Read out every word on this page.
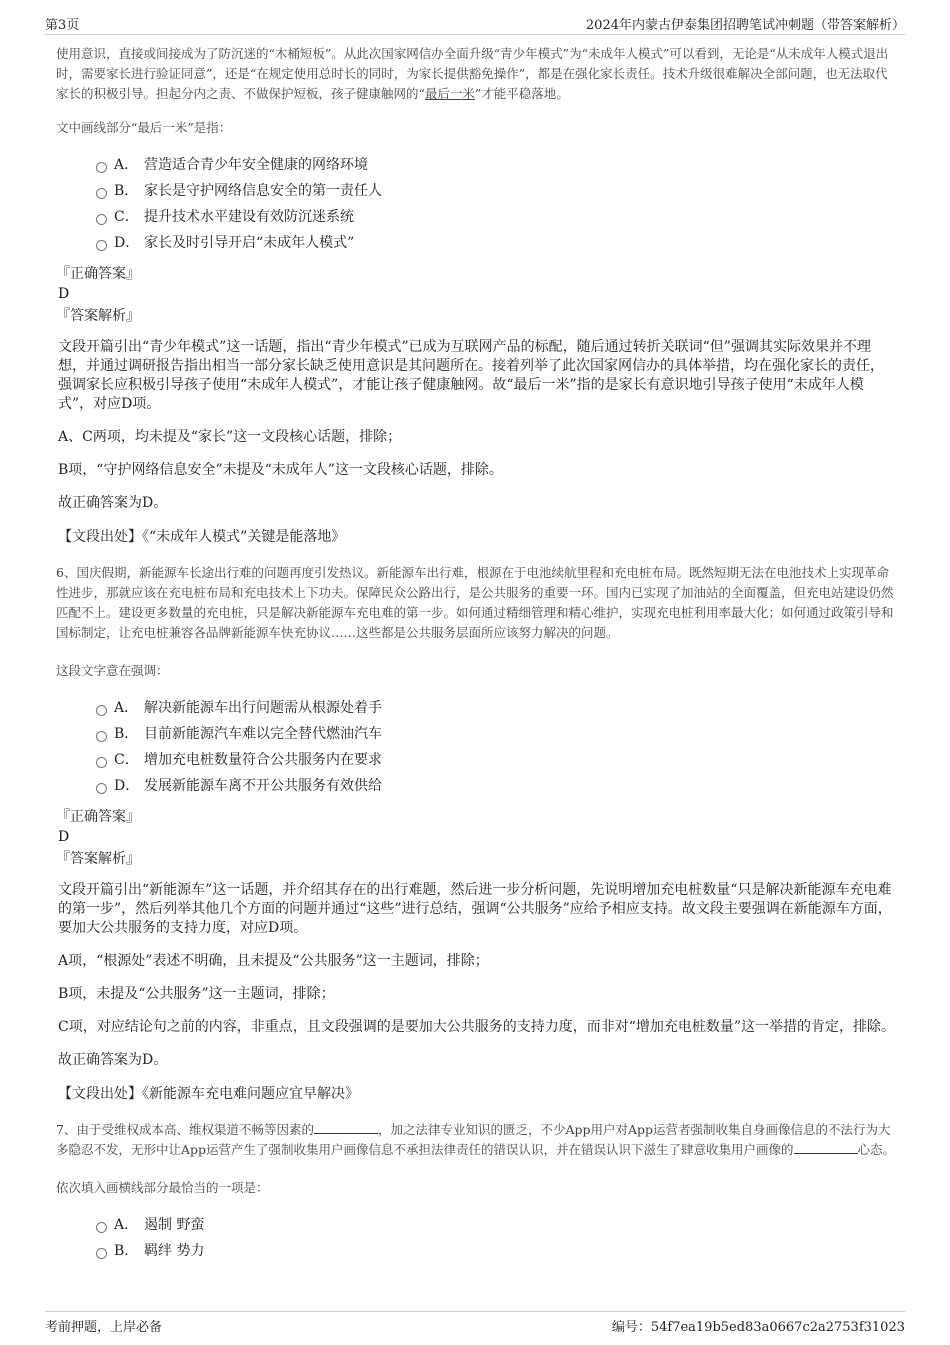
第3页	2024年内蒙古伊泰集团招聘笔试冲刺题（带答案解析）

使用意识，直接或间接成为了防沉迷的“木桶短板”。从此次国家网信办全面升级“青少年模式”为“未成年人模式”可以看到，无论是“从未成年人模式退出时，需要家长进行验证同意”，还是“在规定使用总时长的同时，为家长提供豁免操作”，都是在强化家长责任。技术升级很难解决全部问题，也无法取代家长的积极引导。担起分内之责、不做保护短板，孩子健康触网的“最后一米”才能平稳落地。

文中画线部分“最后一米”是指：

A． 营造适合青少年安全健康的网络环境
B． 家长是守护网络信息安全的第一责任人
C． 提升技术水平建设有效防沉迷系统
D． 家长及时引导开启“未成年人模式”

『正确答案』

D

『答案解析』

文段开篇引出“青少年模式”这一话题，指出“青少年模式”已成为互联网产品的标配，随后通过转折关联词“但”强调其实际效果并不理想，并通过调研报告指出相当一部分家长缺乏使用意识是其问题所在。接着列举了此次国家网信办的具体举措，均在强化家长的责任，强调家长应积极引导孩子使用“未成年人模式”，才能让孩子健康触网。故“最后一米”指的是家长有意识地引导孩子使用“未成年人模式”，对应D项。

A、C两项，均未提及“家长”这一文段核心话题，排除；

B项，“守护网络信息安全”未提及“未成年人”这一文段核心话题，排除。

故正确答案为D。

【文段出处】《“未成年人模式”关键是能落地》

6、国庆假期，新能源车长途出行难的问题再度引发热议。新能源车出行难，根源在于电池续航里程和充电桩布局。既然短期无法在电池技术上实现革命性进步，那就应该在充电桩布局和充电技术上下功夫。保障民众公路出行，是公共服务的重要一环。国内已实现了加油站的全面覆盖，但充电站建设仍然匹配不上。建设更多数量的充电桩，只是解决新能源车充电难的第一步。如何通过精细管理和精心维护，实现充电桩利用率最大化；如何通过政策引导和国标制定，让充电桩兼容各品牌新能源车快充协议……这些都是公共服务层面所应该努力解决的问题。

这段文字意在强调：

A． 解决新能源车出行问题需从根源处着手
B． 目前新能源汽车难以完全替代燃油汽车
C． 增加充电桩数量符合公共服务内在要求
D． 发展新能源车离不开公共服务有效供给

『正确答案』

D

『答案解析』

文段开篇引出“新能源车”这一话题，并介绍其存在的出行难题，然后进一步分析问题，先说明增加充电桩数量“只是解决新能源车充电难的第一步”，然后列举其他几个方面的问题并通过“这些”进行总结，强调“公共服务”应给予相应支持。故文段主要强调在新能源车方面，要加大公共服务的支持力度，对应D项。

A项，“根源处”表述不明确，且未提及“公共服务”这一主题词，排除；

B项，未提及“公共服务”这一主题词，排除；

C项，对应结论句之前的内容，非重点，且文段强调的是要加大公共服务的支持力度，而非对“增加充电桩数量”这一举措的肯定，排除。

故正确答案为D。

【文段出处】《新能源车充电难问题应宜早解决》

7、由于受维权成本高、维权渠道不畅等因素的	，加之法律专业知识的匮乏，不少App用户对App运营者强制收集自身画像信息的不法行为大多隐忍不发，无形中让App运营产生了强制收集用户画像信息不承担法律责任的错误认识，并在错误认识下滋生了肆意收集用户画像的	心态。

依次填入画横线部分最恰当的一项是：

A． 遏制 野蛮
B． 羁绊 势力
考前押题，上岸必备	编号：54f7ea19b5ed83a0667c2a2753f31023
